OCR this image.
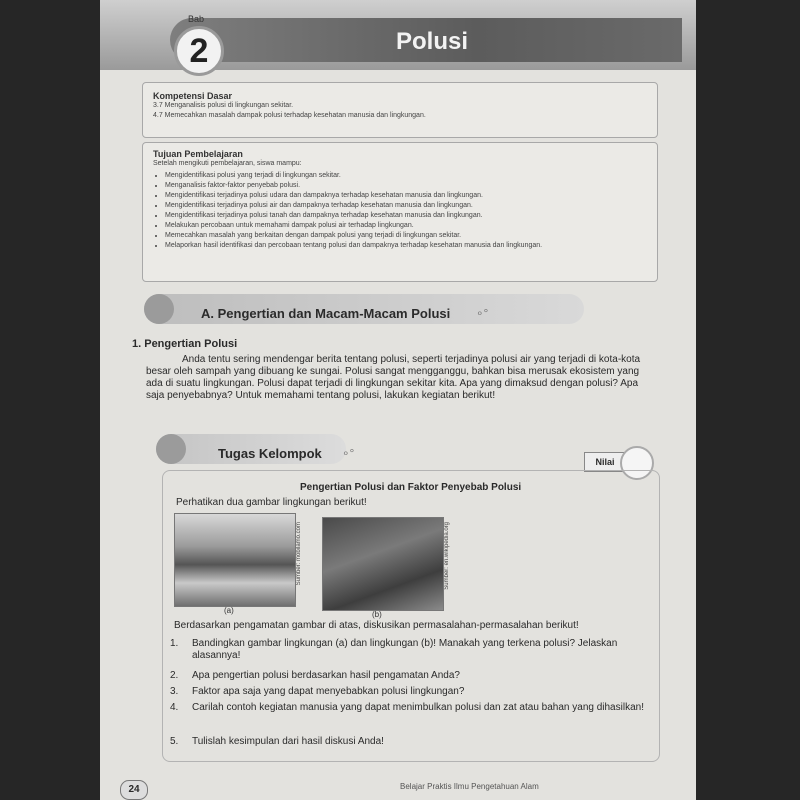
Bab
2	Polusi
Kompetensi Dasar
3.7 Menganalisis polusi di lingkungan sekitar.
4.7 Memecahkan masalah dampak polusi terhadap kesehatan manusia dan lingkungan.
Tujuan Pembelajaran
Setelah mengikuti pembelajaran, siswa mampu:
• Mengidentifikasi polusi yang terjadi di lingkungan sekitar.
• Menganalisis faktor-faktor penyebab polusi.
• Mengidentifikasi terjadinya polusi udara dan dampaknya terhadap kesehatan manusia dan lingkungan.
• Mengidentifikasi terjadinya polusi air dan dampaknya terhadap kesehatan manusia dan lingkungan.
• Mengidentifikasi terjadinya polusi tanah dan dampaknya terhadap kesehatan manusia dan lingkungan.
• Melakukan percobaan untuk memahami dampak polusi air terhadap lingkungan.
• Memecahkan masalah yang berkaitan dengan dampak polusi yang terjadi di lingkungan sekitar.
• Melaporkan hasil identifikasi dan percobaan tentang polusi dan dampaknya terhadap kesehatan manusia dan lingkungan.
A. Pengertian dan Macam-Macam Polusi ∘°
1. Pengertian Polusi

Anda tentu sering mendengar berita tentang polusi, seperti terjadinya polusi air yang terjadi di kota-kota besar oleh sampah yang dibuang ke sungai. Polusi sangat mengganggu, bahkan bisa merusak ekosistem yang ada di suatu lingkungan. Polusi dapat terjadi di lingkungan sekitar kita. Apa yang dimaksud dengan polusi? Apa saja penyebabnya? Untuk memahami tentang polusi, lakukan kegiatan berikut!

Tugas Kelompok ∘°
Nilai
Pengertian Polusi dan Faktor Penyebab Polusi
Perhatikan dua gambar lingkungan berikut!
Sumber: mobilamo.com
(a)
Sumber: en.wikipedia.org
(b)
Berdasarkan pengamatan gambar di atas, diskusikan permasalahan-permasalahan berikut!
1. Bandingkan gambar lingkungan (a) dan lingkungan (b)! Manakah yang terkena polusi? Jelaskan alasannya!
2. Apa pengertian polusi berdasarkan hasil pengamatan Anda?
3. Faktor apa saja yang dapat menyebabkan polusi lingkungan?
4. Carilah contoh kegiatan manusia yang dapat menimbulkan polusi dan zat atau bahan yang dihasilkan!
5. Tulislah kesimpulan dari hasil diskusi Anda!
24	Belajar Praktis Ilmu Pengetahuan Alam
